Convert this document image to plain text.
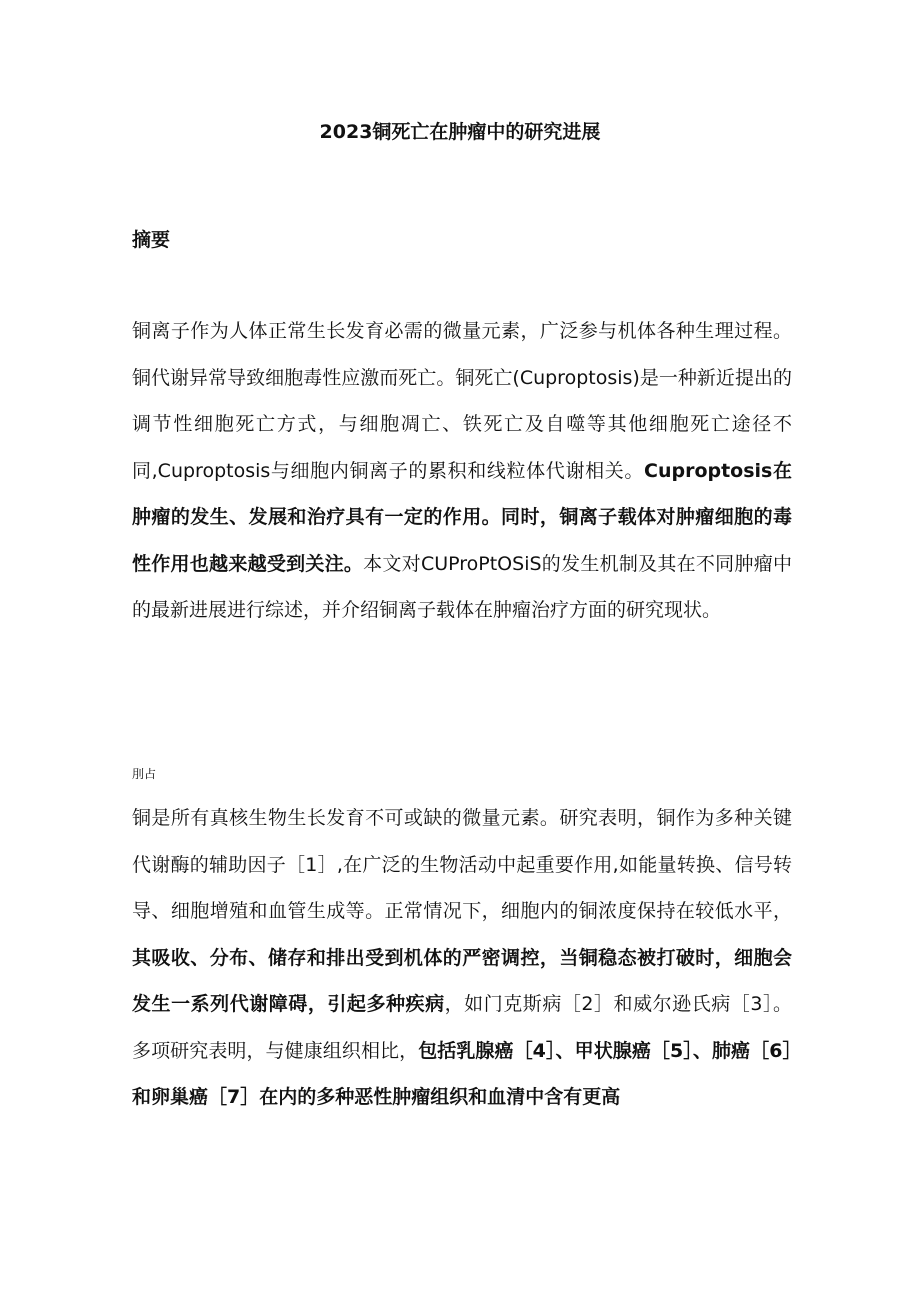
2023铜死亡在肿瘤中的研究进展
摘要

铜离子作为人体正常生长发育必需的微量元素，广泛参与机体各种生理过程。铜代谢异常导致细胞毒性应激而死亡。铜死亡(Cuproptosis)是一种新近提出的调节性细胞死亡方式，与细胞凋亡、铁死亡及自噬等其他细胞死亡途径不同,Cuproptosis与细胞内铜离子的累积和线粒体代谢相关。Cuproptosis在肿瘤的发生、发展和治疗具有一定的作用。同时，铜离子载体对肿瘤细胞的毒性作用也越来越受到关注。本文对CUProPtOSiS的发生机制及其在不同肿瘤中的最新进展进行综述，并介绍铜离子载体在肿瘤治疗方面的研究现状。

刖占

铜是所有真核生物生长发育不可或缺的微量元素。研究表明，铜作为多种关键代谢酶的辅助因子［1］,在广泛的生物活动中起重要作用,如能量转换、信号转导、细胞增殖和血管生成等。正常情况下，细胞内的铜浓度保持在较低水平，其吸收、分布、储存和排出受到机体的严密调控，当铜稳态被打破时，细胞会发生一系列代谢障碍，引起多种疾病，如门克斯病［2］和威尔逊氏病［3］。多项研究表明，与健康组织相比，包括乳腺癌［4］、甲状腺癌［5］、肺癌［6］和卵巢癌［7］在内的多种恶性肿瘤组织和血清中含有更高
